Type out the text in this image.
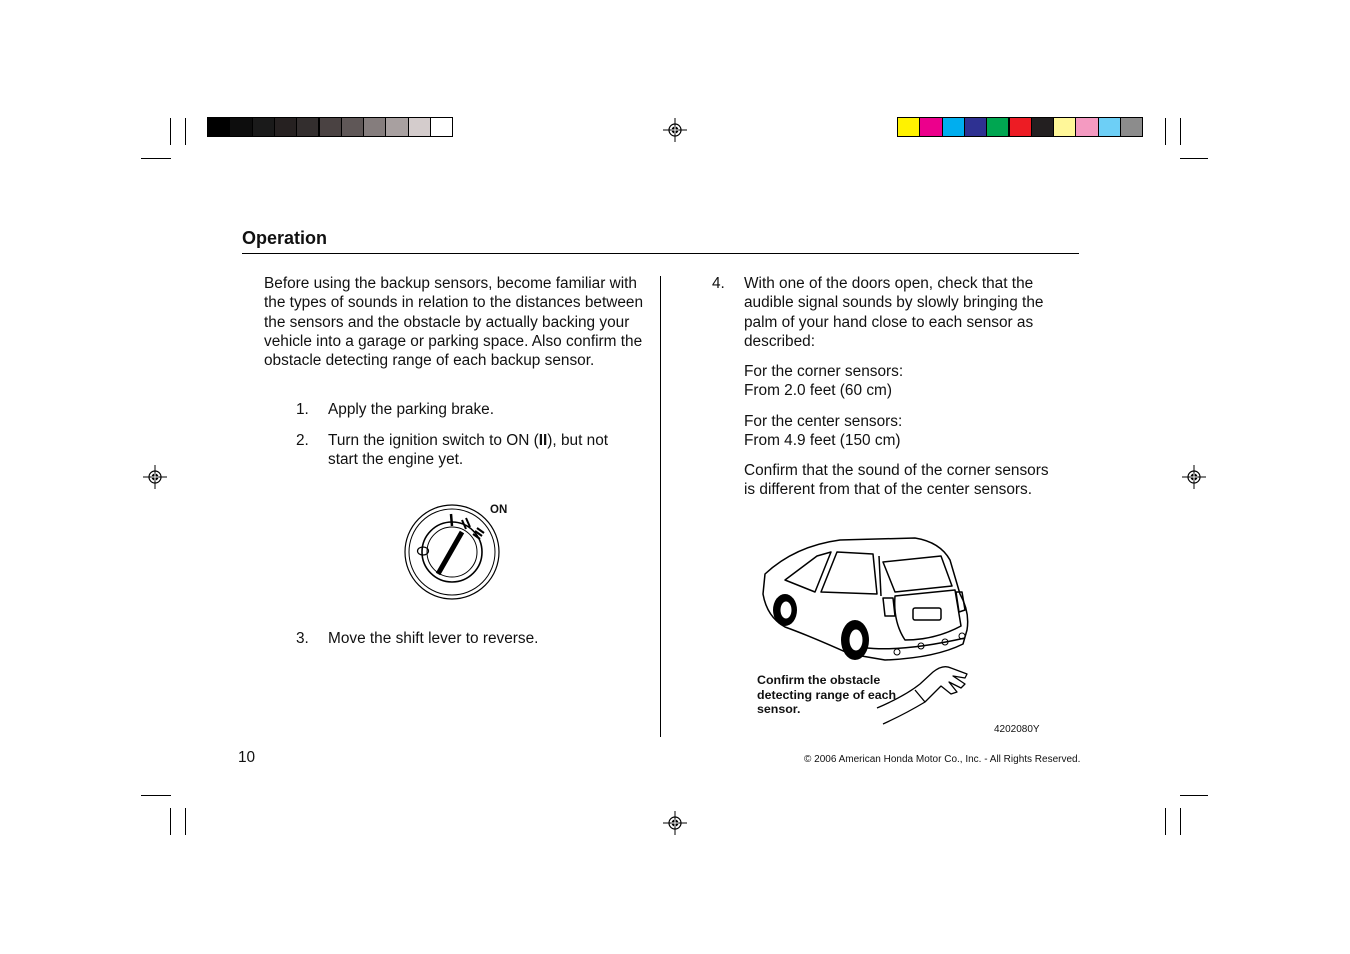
Operation
Before using the backup sensors, become familiar with the types of sounds in relation to the distances between the sensors and the obstacle by actually backing your vehicle into a garage or parking space. Also confirm the obstacle detecting range of each backup sensor.
1. Apply the parking brake.
2. Turn the ignition switch to ON (II), but not start the engine yet.
ON
3. Move the shift lever to reverse.
4. With one of the doors open, check that the audible signal sounds by slowly bringing the palm of your hand close to each sensor as described:
For the corner sensors:
From 2.0 feet (60 cm)
For the center sensors:
From 4.9 feet (150 cm)
Confirm that the sound of the corner sensors is different from that of the center sensors.
Confirm the obstacle detecting range of each sensor.
4202080Y
10	© 2006 American Honda Motor Co., Inc. - All Rights Reserved.
